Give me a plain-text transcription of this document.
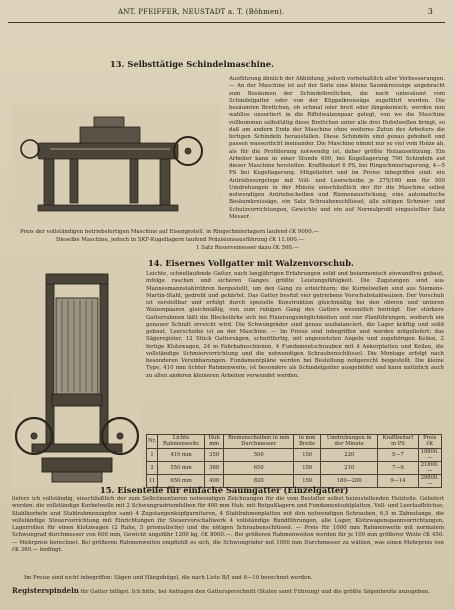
ANT. PFEIFFER, NEUSTADT a. T. (Böhmen).	3
13. Selbsttätige Schindelmaschine.
Ausführung ähnlich der Abbildung, jedoch vorbehaltlich aller Verbesserungen. — An der Maschine ist auf der Seite eine kleine Saumkreissäge angebracht zum Besäumen der Schindelbrettchen, die noch unbesäumt vom Schindelgatter oder von der Klippelkreissäge zugeführt werden. Die besäumten Brettchen, ob schmal oder breit oder längskonisch, werden nun wahllos unsortiert in die Riffelwalzenpaar gelegt, von wo die Maschine vollkommen selbsttätig diese Brettchen unter alle drei Hobelwellen bringt, so daß am andern Ende der Maschine ohne weiteres Zutun des Arbeiters die fertigen Schindeln herausfallen. Diese Schindeln sind genau gehobelt und passen wasserdicht ineinander. Die Maschine nimmt nur so viel vom Holze ab, als für die Profilierung notwendig ist, daher größte Holzausnützung. Ein Arbeiter kann in einer Stunde 600, bei Kugellagerung 700 Schindeln auf dieser Maschine herstellen. Kraftbedarf 6 PS, bei Ringschmierlagerung, 4—5 PS bei Kugellagerung. Mitgeliefert und im Preise inbegriffen sind: ein Antriebsvorgelege mit Voll- und Leerscheibe je 275/160 mm für 500 Umdrehungen in der Minute einschließlich der für die Maschine selbst notwendigen Antriebscheiben und Riemenausrückung, eine automatische Besäumkreissäge, ein Satz Schraubenschlüssel, alle nötigen Schmier- und Schutzvorrichtungen, Gewichte und ein auf Normalprofil eingestellter Satz Messer.
Preis der vollständigen betriebsfertigen Maschine auf Eisengestell, in Ringschmierlagern laufend čK 9000.—
Dieselbe Maschine, jedoch in SKF-Kugellagern laufend Präzisionsausführung čK 11.000.—
1 Satz Reservemesser dazu čK 500.—
14. Eisernes Vollgatter mit Walzenvorschub.
Leichte, schnellaufende Gatter, nach langjährigen Erfahrungen solid und beiarmonisch einwandfrei gebaut, infolge raschen und sicheren Ganges größte Leistungsfähigkeit. Die Zugstangen sind aus Mannesmannstahlröhren hergestellt, um den Gang zu erleichtern; die Kurbelwellen sind aus Siemens-Martin-Stahl, gedreht und gehärtet. Das Gatter besitzt vier getriebene Vorschubstahlwalzen. Der Vorschub ist verstellbar und erfolgt durch spezielle Konstruktion gleichmäßig bei den oberen und unteren Walzenpaaren gleichmäßig, von zum ruhigen Gang des Gatters wesentlich beiträgt. Der stärkere Gatterrahmen läßt die Blockstärke sich bei Fixierungsmöglichkeiten und vier Planführungen, wodurch ein genauer Schnitt erreicht wird. Die Schwungräder sind genau ausbalanciert, die Lager kräftig und solid gebaut. Leerscheibe ist an der Maschine. — Im Preise sind inbegriffen und werden mitgeliefert: das Sägeregister, 12 Stück Gattersägen, schnittfertig, mit angenieteten Angeln und zugehörigen Keilen, 2 fertige Klotzwagen, 24 m Fahrbahnschienen, 4 Fundamentschrauben mit 4 Ankerplatten und Keilen, die vollständige Schmiervorrichtung und die notwendigen Schraubenschlüssel. Die Montage erfolgt nach besonderen Vereinbarungen. Fundamentpläne werden bei Bestellung zeitgerecht beigestellt. Die kleine Type, 410 mm lichter Rahmenweite, ist besonders als Schindelgatter ausgebildet und kann natürlich auch zu allen anderen kleineren Arbeiten verwendet werden.
Nr.	Lichte Rahmenweite	Hub mm	Riemenscheiben in mm Durchmesser	in mm Breite	Umdrehungen in der Minute	Kraftbedarf in PS	Preis čK
1	410 mm	350	500	150	220	5—7	19800.—
2	550 mm	360	650	150	210	7—9	21800.—
11	650 mm	400	820	150	180—200	9—14	29800.—
15. Eisenteile für einfache Saumgatter (Einzelgatter)
liefere ich vollständig, einschließlich der zum Selbstmontieren notwendigen Zeichnungen für die vom Besteller selbst beizustellenden Holzteile. Geliefert werden: die vollständige Kurbelwelle mit 2 Schwungradriemfelben für 400 mm Hub, mit Rotgußlagern und Fundamentsohlplatten, Voll- und Leerlaufbüchse, Stahlkurbeln und Stahlrahmenzapfen samt 4 Zugstangenkopfgarnituren, 4 Stahlrahmenplatten mit den notwendigen Schrauben, 6,5 m Zahnstange, die vollständige Steuervorrichtung mit Einrichtungen für Steuervorschaltwerk 4 vollständige Rundführungen, alle Lager, Klotzwagenspannvorrichtungen, Lagerrollen für einen Klotzwagen (2 Rahe, 5 prismatische) und die nötigen Schraubenschlüssel. — Preis für 1000 mm Rahmenweite mit normalem Schwungrad durchmesser von 600 mm, Gewicht ungefähr 1200 kg, čK 8000.—. Bei größeren Rahmenweiten werden für je 100 mm größerer Weite čK 450.— Mehrpreis berechnet. Bei größeren Rahmenweiten empfiehlt es sich, die Schwungräder mit 1000 mm Durchmesser zu wählen, was einen Mehrpreis von čK 360.— bedingt.
Im Preise sind nicht inbegriffen: Sägen und Hängebügel, die nach Liste B/I und 6—10 berechnet werden.
Registerspindeln für Gatter billigst. Ich bitte, bei Anfragen den Gattersperschnitt (Stulen samt Führung) und die größte Sägenbreite anzugeben.
